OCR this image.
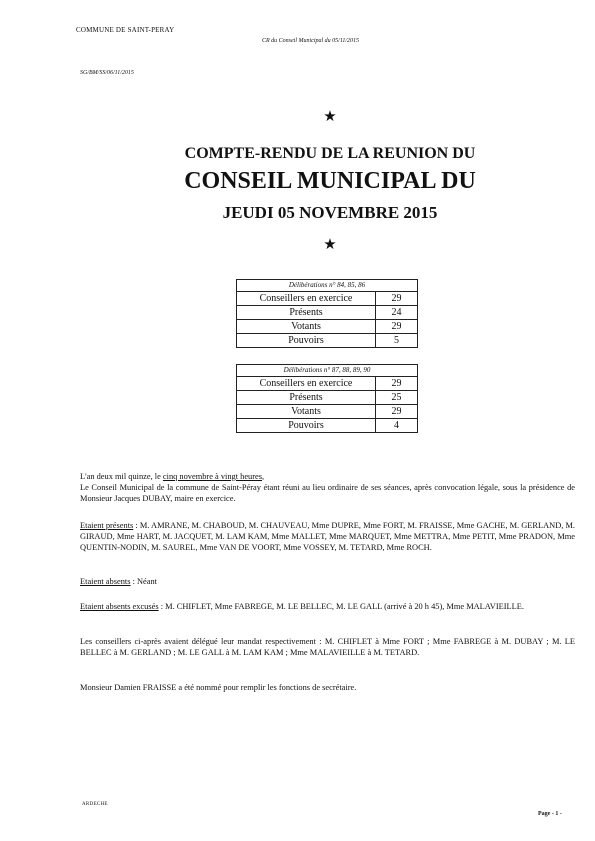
COMMUNE DE SAINT-PERAY
CR du Conseil Municipal du 05/11/2015
SG/BM/SS/06/11/2015
★
COMPTE-RENDU DE LA REUNION DU
CONSEIL MUNICIPAL DU
JEUDI 05 NOVEMBRE 2015
★
Délibérations n° 84, 85, 86	
Conseillers en exercice	29
Présents	24
Votants	29
Pouvoirs	5
Délibérations n° 87, 88, 89, 90	
Conseillers en exercice	29
Présents	25
Votants	29
Pouvoirs	4

L'an deux mil quinze, le cinq novembre à vingt heures,

Le Conseil Municipal de la commune de Saint-Péray étant réuni au lieu ordinaire de ses séances, après convocation légale, sous la présidence de Monsieur Jacques DUBAY, maire en exercice.

Etaient présents : M. AMRANE, M. CHABOUD, M. CHAUVEAU, Mme DUPRE, Mme FORT, M. FRAISSE, Mme GACHE, M. GERLAND, M. GIRAUD, Mme HART, M. JACQUET, M. LAM KAM, Mme MALLET, Mme MARQUET, Mme METTRA, Mme PETIT, Mme PRADON, Mme QUENTIN-NODIN, M. SAUREL, Mme VAN DE VOORT, Mme VOSSEY, M. TETARD, Mme ROCH.
Etaient absents : Néant
Etaient absents excusés : M. CHIFLET, Mme FABREGE, M. LE BELLEC, M. LE GALL (arrivé à 20 h 45), Mme MALAVIEILLE.
Les conseillers ci-après avaient délégué leur mandat respectivement : M. CHIFLET à Mme FORT ; Mme FABREGE à M. DUBAY ; M. LE BELLEC à M. GERLAND ; M. LE GALL à M. LAM KAM ; Mme MALAVIEILLE à M. TETARD.
Monsieur Damien FRAISSE a été nommé pour remplir les fonctions de secrétaire.
ARDECHE
Page - 1 -
